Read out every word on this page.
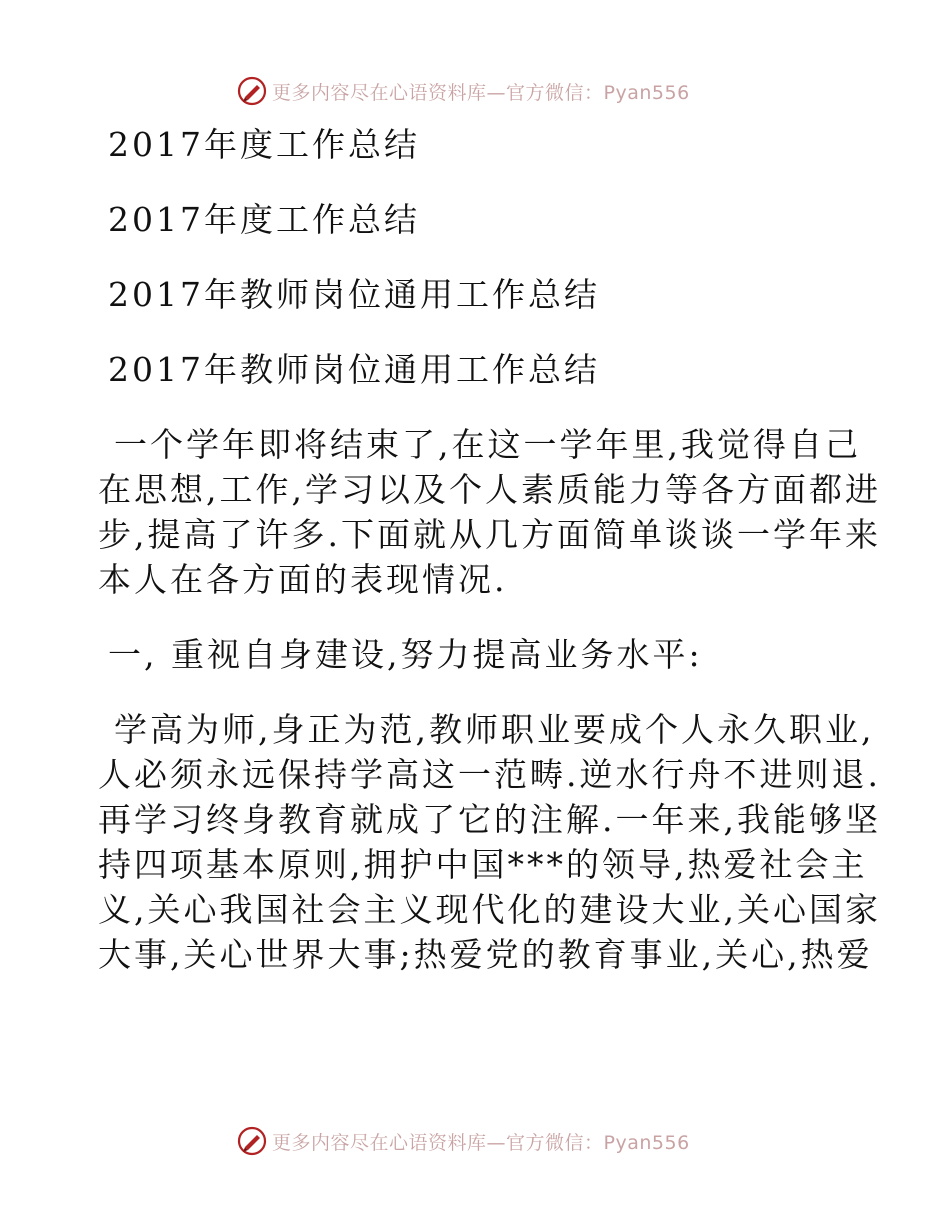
更多内容尽在心语资料库—官方微信：Pyan556

2017年度工作总结

2017年度工作总结

2017年教师岗位通用工作总结

2017年教师岗位通用工作总结

一个学年即将结束了,在这一学年里,我觉得自己

在思想,工作,学习以及个人素质能力等各方面都进

步,提高了许多.下面就从几方面简单谈谈一学年来

本人在各方面的表现情况.

一, 重视自身建设,努力提高业务水平:

学高为师,身正为范,教师职业要成个人永久职业,

人必须永远保持学高这一范畴.逆水行舟不进则退.

再学习终身教育就成了它的注解.一年来,我能够坚

持四项基本原则,拥护中国***的领导,热爱社会主

义,关心我国社会主义现代化的建设大业,关心国家

大事,关心世界大事;热爱党的教育事业,关心,热爱

更多内容尽在心语资料库—官方微信：Pyan556
